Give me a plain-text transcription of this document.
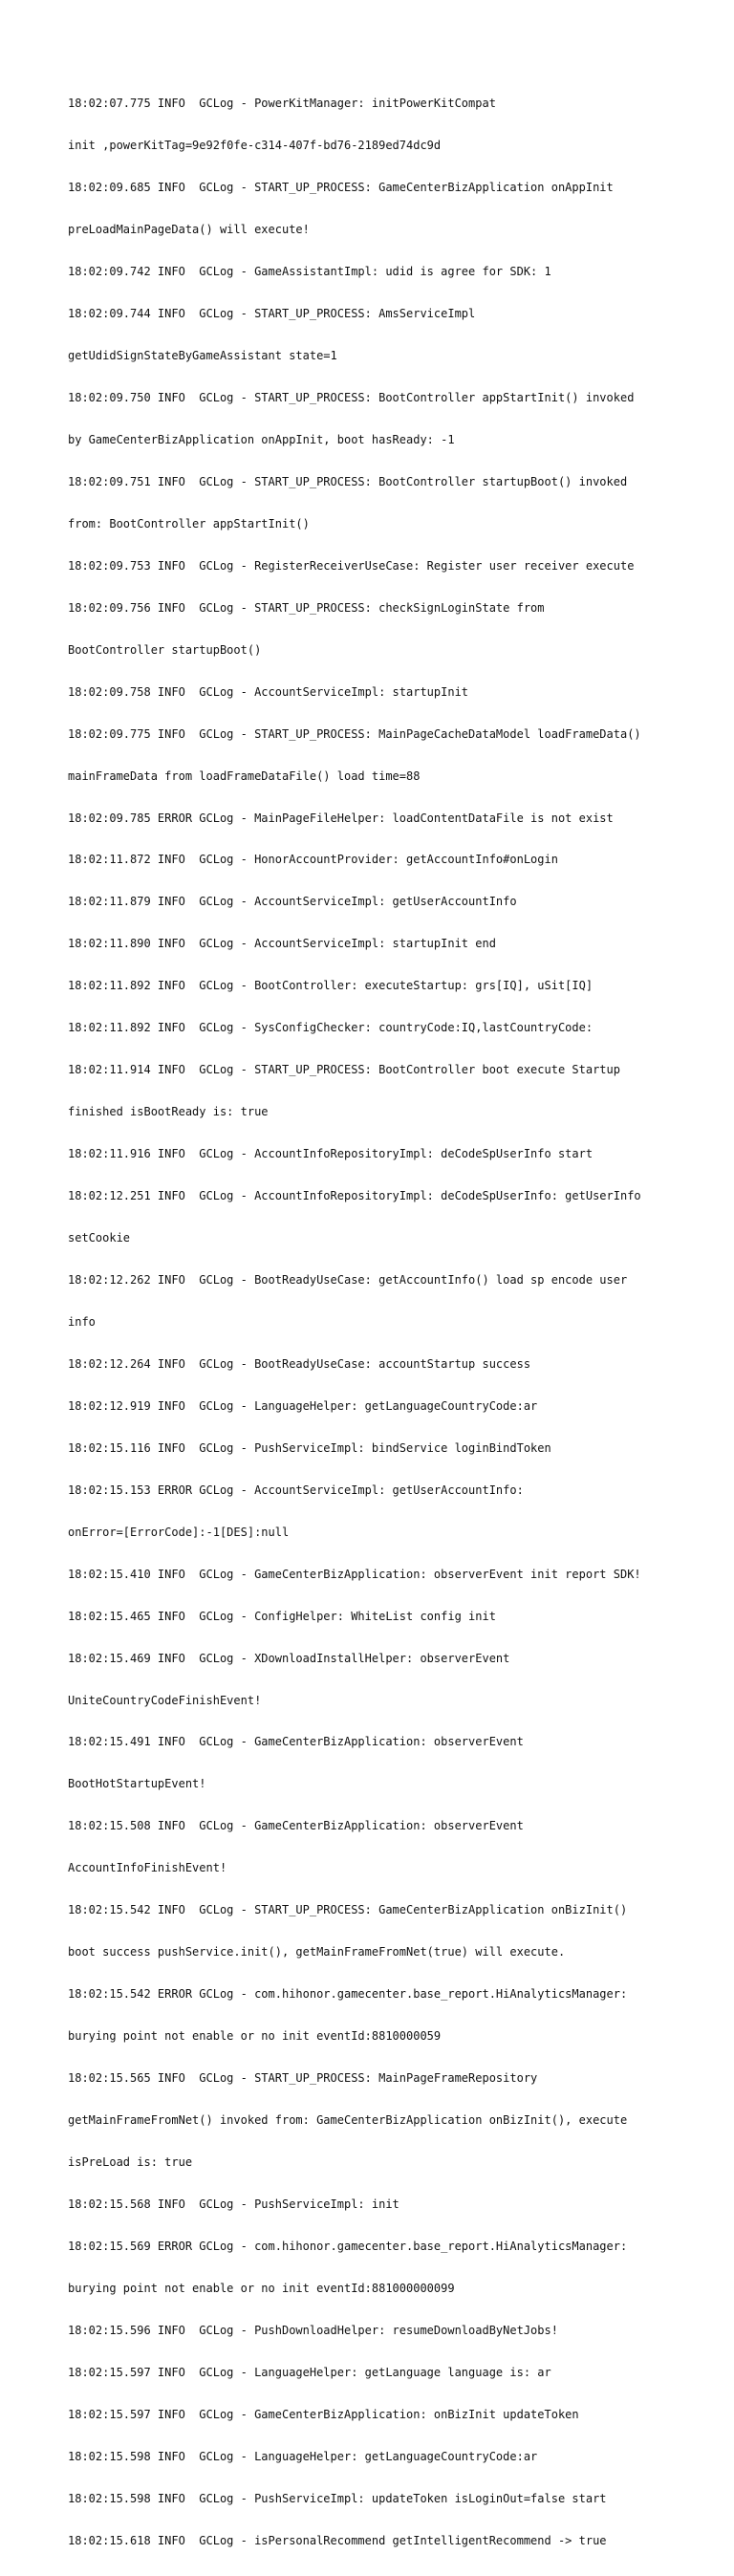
18:02:07.775 INFO  GCLog - PowerKitManager: initPowerKitCompat

init ,powerKitTag=9e92f0fe-c314-407f-bd76-2189ed74dc9d

18:02:09.685 INFO  GCLog - START_UP_PROCESS: GameCenterBizApplication onAppInit

preLoadMainPageData() will execute!

18:02:09.742 INFO  GCLog - GameAssistantImpl: udid is agree for SDK: 1

18:02:09.744 INFO  GCLog - START_UP_PROCESS: AmsServiceImpl

getUdidSignStateByGameAssistant state=1

18:02:09.750 INFO  GCLog - START_UP_PROCESS: BootController appStartInit() invoked

by GameCenterBizApplication onAppInit, boot hasReady: -1

18:02:09.751 INFO  GCLog - START_UP_PROCESS: BootController startupBoot() invoked

from: BootController appStartInit()

18:02:09.753 INFO  GCLog - RegisterReceiverUseCase: Register user receiver execute

18:02:09.756 INFO  GCLog - START_UP_PROCESS: checkSignLoginState from

BootController startupBoot()

18:02:09.758 INFO  GCLog - AccountServiceImpl: startupInit

18:02:09.775 INFO  GCLog - START_UP_PROCESS: MainPageCacheDataModel loadFrameData()

mainFrameData from loadFrameDataFile() load time=88

18:02:09.785 ERROR GCLog - MainPageFileHelper: loadContentDataFile is not exist

18:02:11.872 INFO  GCLog - HonorAccountProvider: getAccountInfo#onLogin

18:02:11.879 INFO  GCLog - AccountServiceImpl: getUserAccountInfo

18:02:11.890 INFO  GCLog - AccountServiceImpl: startupInit end

18:02:11.892 INFO  GCLog - BootController: executeStartup: grs[IQ], uSit[IQ]

18:02:11.892 INFO  GCLog - SysConfigChecker: countryCode:IQ,lastCountryCode:

18:02:11.914 INFO  GCLog - START_UP_PROCESS: BootController boot execute Startup

finished isBootReady is: true

18:02:11.916 INFO  GCLog - AccountInfoRepositoryImpl: deCodeSpUserInfo start

18:02:12.251 INFO  GCLog - AccountInfoRepositoryImpl: deCodeSpUserInfo: getUserInfo

setCookie

18:02:12.262 INFO  GCLog - BootReadyUseCase: getAccountInfo() load sp encode user

info

18:02:12.264 INFO  GCLog - BootReadyUseCase: accountStartup success

18:02:12.919 INFO  GCLog - LanguageHelper: getLanguageCountryCode:ar

18:02:15.116 INFO  GCLog - PushServiceImpl: bindService loginBindToken

18:02:15.153 ERROR GCLog - AccountServiceImpl: getUserAccountInfo:

onError=[ErrorCode]:-1[DES]:null

18:02:15.410 INFO  GCLog - GameCenterBizApplication: observerEvent init report SDK!

18:02:15.465 INFO  GCLog - ConfigHelper: WhiteList config init

18:02:15.469 INFO  GCLog - XDownloadInstallHelper: observerEvent

UniteCountryCodeFinishEvent!

18:02:15.491 INFO  GCLog - GameCenterBizApplication: observerEvent

BootHotStartupEvent!

18:02:15.508 INFO  GCLog - GameCenterBizApplication: observerEvent

AccountInfoFinishEvent!

18:02:15.542 INFO  GCLog - START_UP_PROCESS: GameCenterBizApplication onBizInit()

boot success pushService.init(), getMainFrameFromNet(true) will execute.

18:02:15.542 ERROR GCLog - com.hihonor.gamecenter.base_report.HiAnalyticsManager:

burying point not enable or no init eventId:8810000059

18:02:15.565 INFO  GCLog - START_UP_PROCESS: MainPageFrameRepository

getMainFrameFromNet() invoked from: GameCenterBizApplication onBizInit(), execute

isPreLoad is: true

18:02:15.568 INFO  GCLog - PushServiceImpl: init

18:02:15.569 ERROR GCLog - com.hihonor.gamecenter.base_report.HiAnalyticsManager:

burying point not enable or no init eventId:881000000099

18:02:15.596 INFO  GCLog - PushDownloadHelper: resumeDownloadByNetJobs!

18:02:15.597 INFO  GCLog - LanguageHelper: getLanguage language is: ar

18:02:15.597 INFO  GCLog - GameCenterBizApplication: onBizInit updateToken

18:02:15.598 INFO  GCLog - LanguageHelper: getLanguageCountryCode:ar

18:02:15.598 INFO  GCLog - PushServiceImpl: updateToken isLoginOut=false start

18:02:15.618 INFO  GCLog - isPersonalRecommend getIntelligentRecommend -> true
